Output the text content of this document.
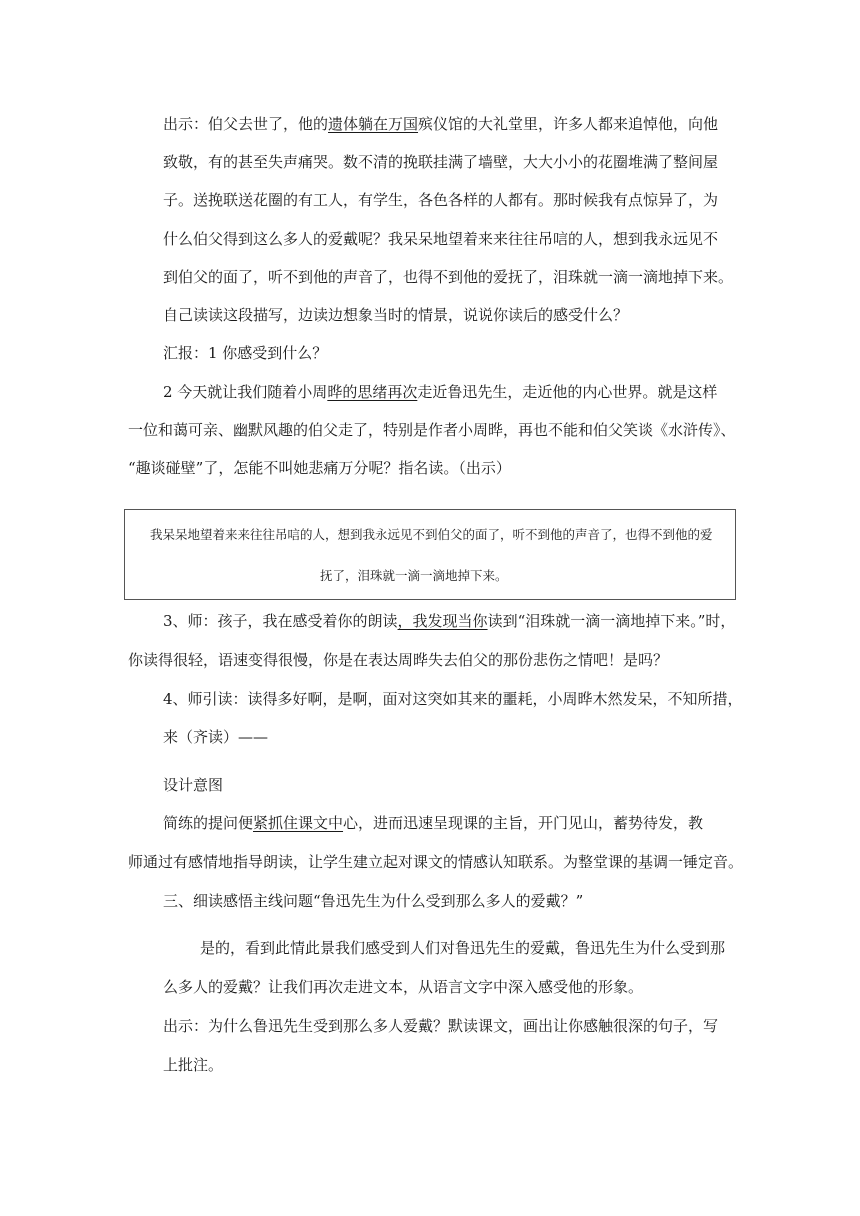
出示：伯父去世了，他的遗体躺在万国殡仪馆的大礼堂里，许多人都来追悼他，向他
致敬，有的甚至失声痛哭。数不清的挽联挂满了墙壁，大大小小的花圈堆满了整间屋
子。送挽联送花圈的有工人，有学生，各色各样的人都有。那时候我有点惊异了，为
什么伯父得到这么多人的爱戴呢？我呆呆地望着来来往往吊唁的人，想到我永远见不
到伯父的面了，听不到他的声音了，也得不到他的爱抚了，泪珠就一滴一滴地掉下来。
自己读读这段描写，边读边想象当时的情景，说说你读后的感受什么？
汇报：1 你感受到什么？
2 今天就让我们随着小周晔的思绪再次走近鲁迅先生，走近他的内心世界。就是这样
一位和蔼可亲、幽默风趣的伯父走了，特别是作者小周晔，再也不能和伯父笑谈《水浒传》、
“趣谈碰壁”了，怎能不叫她悲痛万分呢？指名读。（出示）
我呆呆地望着来来往往吊唁的人，想到我永远见不到伯父的面了，听不到他的声音了，也得不到他的爱
抚了，泪珠就一滴一滴地掉下来。
3、师：孩子，我在感受着你的朗读，我发现当你读到“泪珠就一滴一滴地掉下来。”时，
你读得很轻，语速变得很慢，你是在表达周晔失去伯父的那份悲伤之情吧！是吗？
4、师引读：读得多好啊，是啊，面对这突如其来的噩耗，小周晔木然发呆，不知所措，
来（齐读）——
设计意图
简练的提问便紧抓住课文中心，进而迅速呈现课的主旨，开门见山，蓄势待发，教
师通过有感情地指导朗读，让学生建立起对课文的情感认知联系。为整堂课的基调一锤定音。
三、细读感悟主线问题“鲁迅先生为什么受到那么多人的爱戴？”
是的，看到此情此景我们感受到人们对鲁迅先生的爱戴，鲁迅先生为什么受到那
么多人的爱戴？让我们再次走进文本，从语言文字中深入感受他的形象。
出示：为什么鲁迅先生受到那么多人爱戴？默读课文，画出让你感触很深的句子，写
上批注。
